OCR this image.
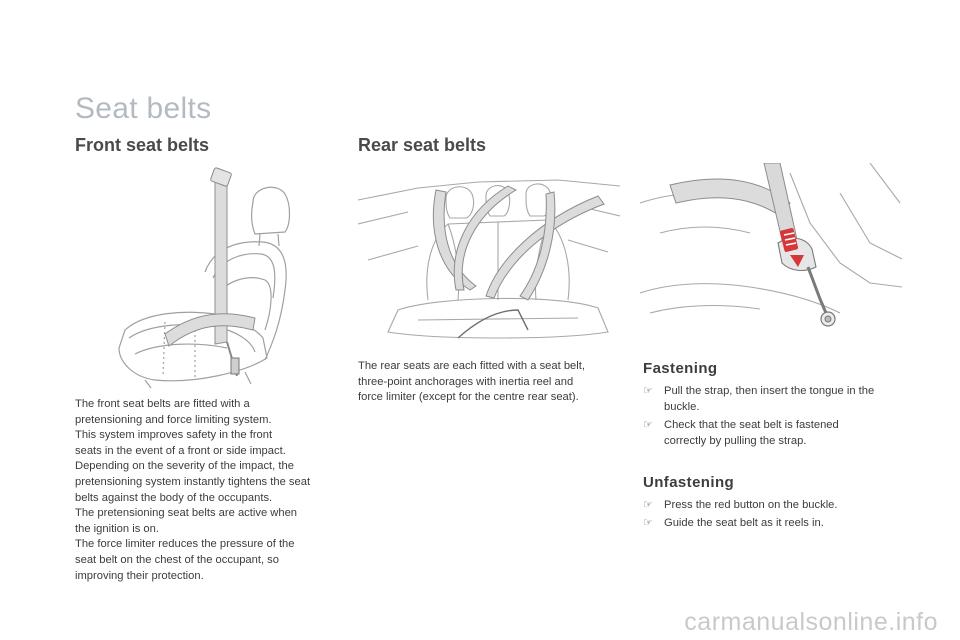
Seat belts
Front seat belts	Rear seat belts
The front seat belts are fitted with a
pretensioning and force limiting system.
This system improves safety in the front
seats in the event of a front or side impact.
Depending on the severity of the impact, the
pretensioning system instantly tightens the seat
belts against the body of the occupants.
The pretensioning seat belts are active when
the ignition is on.
The force limiter reduces the pressure of the
seat belt on the chest of the occupant, so
improving their protection.
The rear seats are each fitted with a seat belt,
three-point anchorages with inertia reel and
force limiter (except for the centre rear seat).
Fastening
☞ Pull the strap, then insert the tongue in the
buckle.
☞ Check that the seat belt is fastened
correctly by pulling the strap.
Unfastening
☞ Press the red button on the buckle.
☞ Guide the seat belt as it reels in.
carmanualsonline.info
